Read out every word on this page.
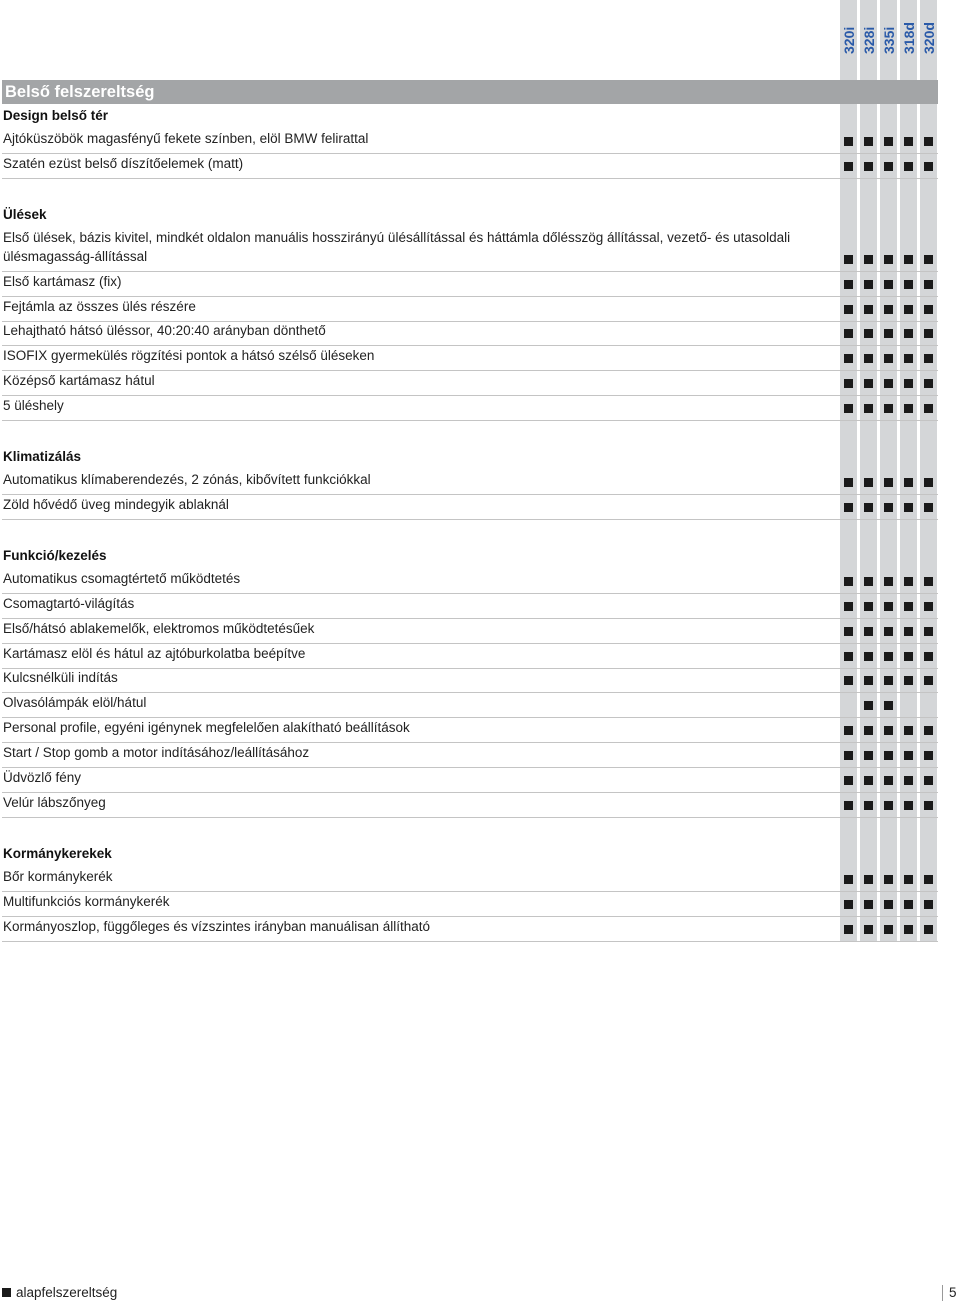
320i 328i 335i 318d 320d
Belső felszereltség
Design belső tér
Ajtóküszöbök magasfényű fekete színben, elöl BMW felirattal
Szatén ezüst belső díszítőelemek (matt)
Ülések
Első ülések, bázis kivitel, mindkét oldalon manuális hosszirányú ülésállítással és háttámla dőlésszög állítással, vezető- és utasoldali ülésmagasság-állítással
Első kartámasz (fix)
Fejtámla az összes ülés részére
Lehajtható hátsó üléssor, 40:20:40 arányban dönthető
ISOFIX gyermekülés rögzítési pontok a hátsó szélső üléseken
Középső kartámasz hátul
5 üléshely
Klimatizálás
Automatikus klímaberendezés, 2 zónás, kibővített funkciókkal
Zöld hővédő üveg mindegyik ablaknál
Funkció/kezelés
Automatikus csomagtértető működtetés
Csomagtartó-világítás
Első/hátsó ablakemelők, elektromos működtetésűek
Kartámasz elöl és hátul az ajtóburkolatba beépítve
Kulcsnélküli indítás
Olvasólámpák elöl/hátul
Personal profile, egyéni igénynek megfelelően alakítható beállítások
Start / Stop gomb a motor indításához/leállításához
Üdvözlő fény
Velúr lábszőnyeg
Kormánykerekek
Bőr kormánykerék
Multifunkciós kormánykerék
Kormányoszlop, függőleges és vízszintes irányban manuálisan állítható
alapfelszereltség	5
